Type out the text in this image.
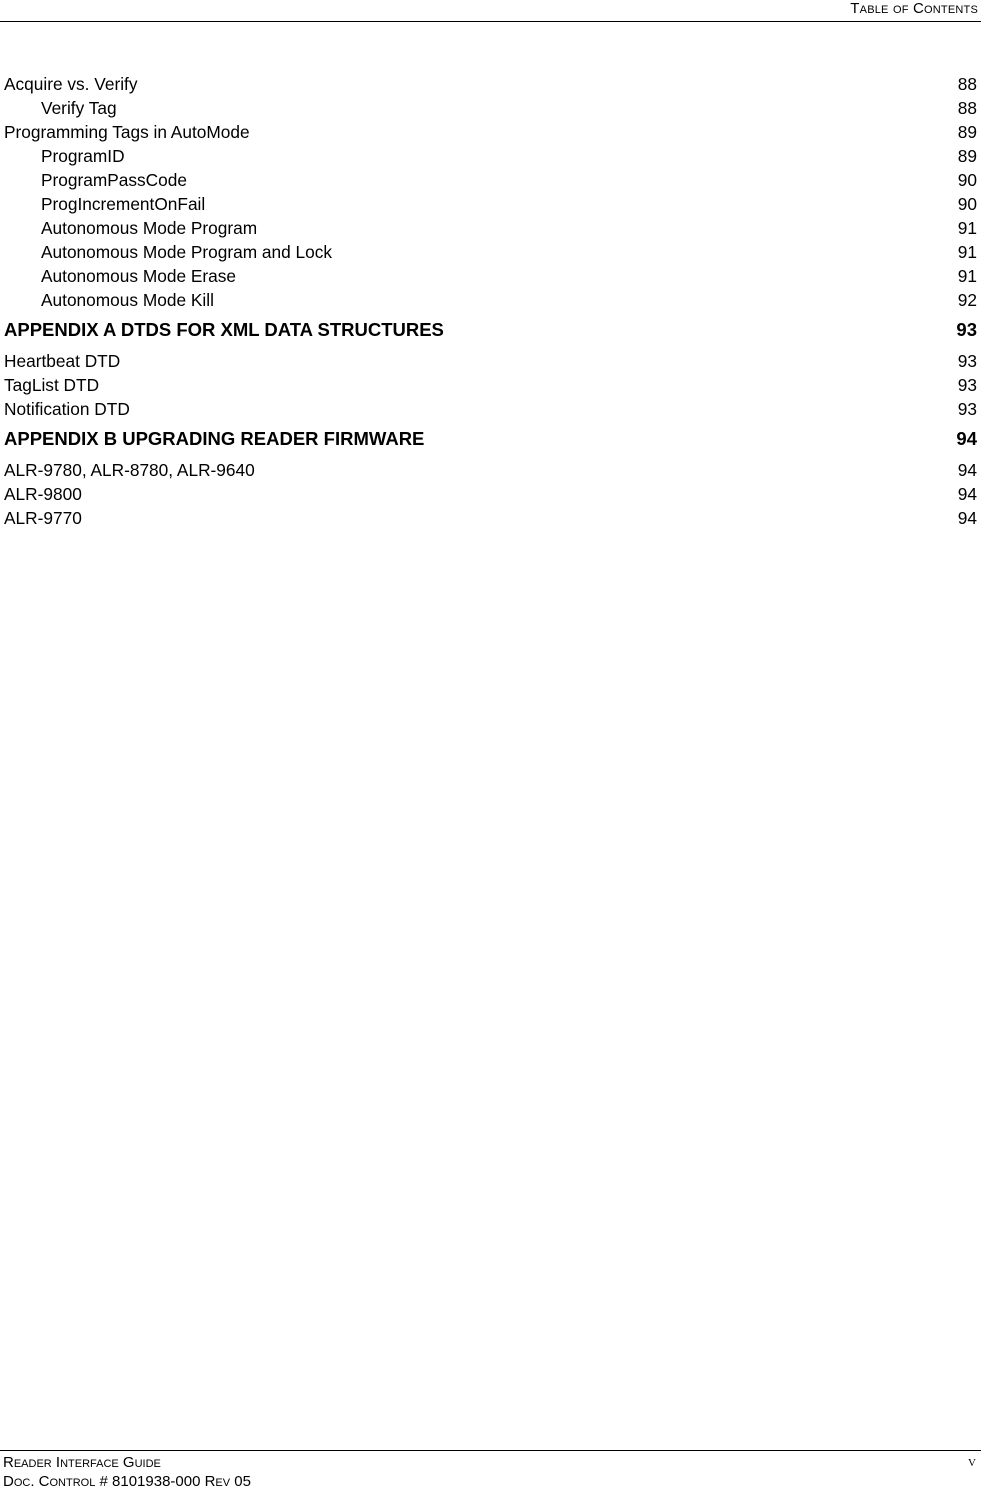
Table of Contents
Acquire vs. Verify	88
Verify Tag	88
Programming Tags in AutoMode	89
ProgramID	89
ProgramPassCode	90
ProgIncrementOnFail	90
Autonomous Mode Program	91
Autonomous Mode Program and Lock	91
Autonomous Mode Erase	91
Autonomous Mode Kill	92
APPENDIX A DTDS FOR XML DATA STRUCTURES	93
Heartbeat DTD	93
TagList DTD	93
Notification DTD	93
APPENDIX B UPGRADING READER FIRMWARE	94
ALR-9780, ALR-8780, ALR-9640	94
ALR-9800	94
ALR-9770	94
Reader Interface Guide
Doc. Control # 8101938-000 Rev 05
v
